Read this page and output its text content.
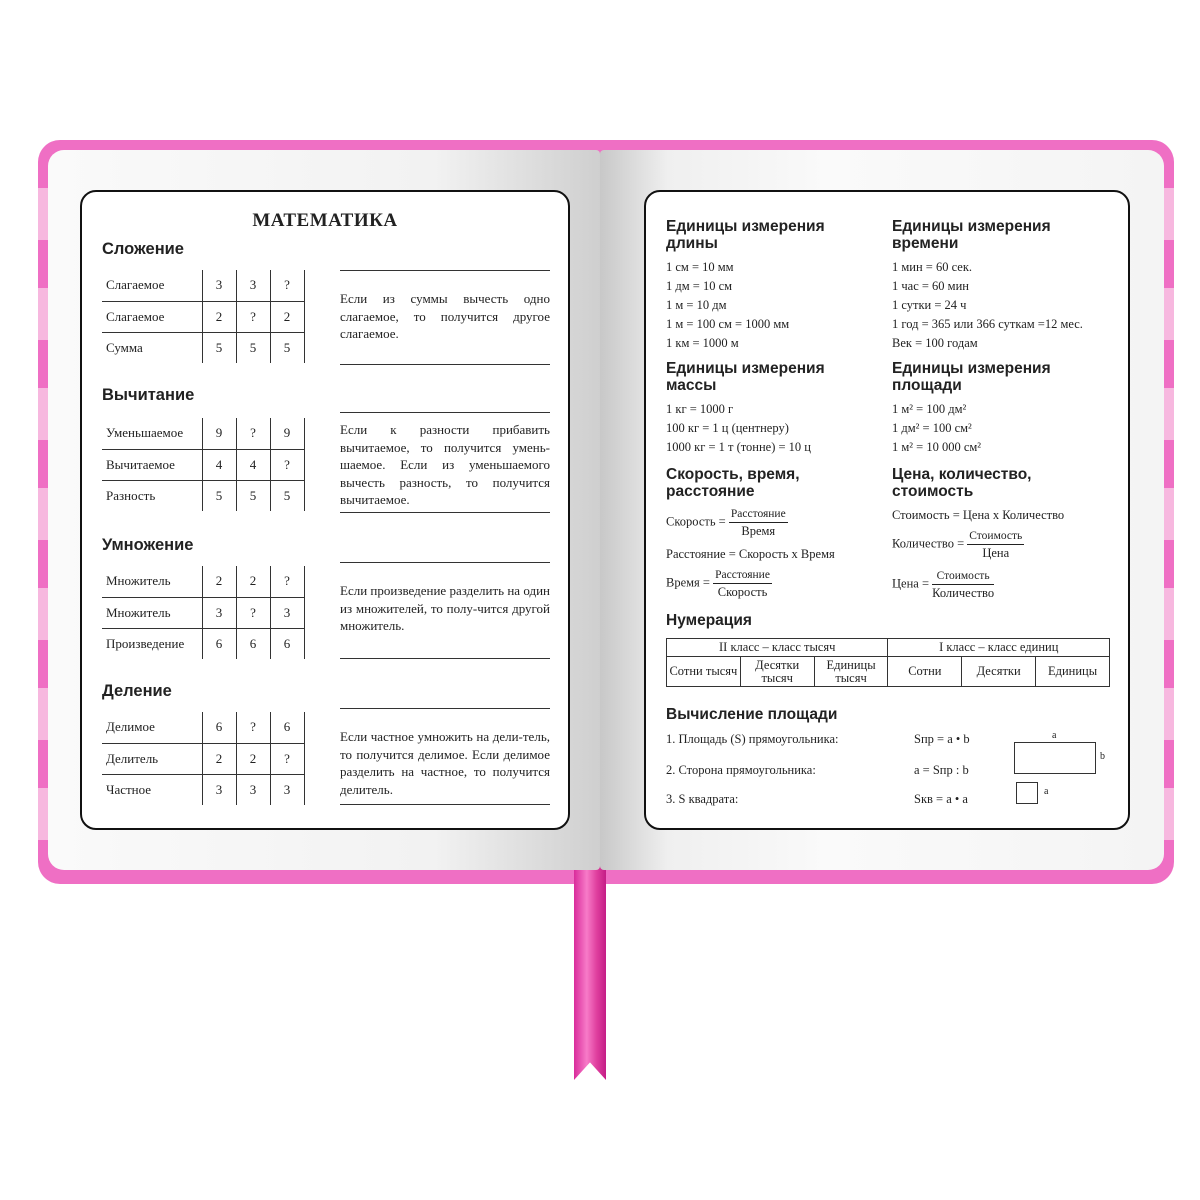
МАТЕМАТИКА
Сложение
Слагаемое	3	3	?	
Слагаемое	2	?	2	
Сумма	5	5	5	
Если из суммы вычесть одно слагаемое, то получится другое слагаемое.
Вычитание
Уменьшаемое	9	?	9	
Вычитаемое	4	4	?	
Разность	5	5	5	
Если к разности прибавить вычитаемое, то получится умень-шаемое. Если из уменьшаемого вычесть разность, то получится вычитаемое.
Умножение
Множитель	2	2	?	
Множитель	3	?	3	
Произведение	6	6	6	
Если произведение разделить на один из множителей, то полу-чится другой множитель.
Деление
Делимое	6	?	6	
Делитель	2	2	?	
Частное	3	3	3	
Если частное умножить на дели-тель, то получится делимое. Если делимое разделить на частное, то получится делитель.
Единицы измерения длины
1 см = 10 мм
1 дм = 10 см
1 м = 10 дм
1 м = 100 см = 1000 мм
1 км = 1000 м
Единицы измерения времени
1 мин = 60 сек.
1 час = 60 мин
1 сутки = 24 ч
1 год = 365 или 366 суткам =12 мес.
Век = 100 годам
Единицы измерения массы
1 кг = 1000 г
100 кг = 1 ц (центнеру)
1000 кг = 1 т (тонне) = 10 ц
Единицы измерения площади
1 м² = 100 дм²
1 дм² = 100 см²
1 м² = 10 000 см²
Скорость, время, расстояние
Скорость = $\frac{\text{Расстояние}}{\text{Время}}$
Расстояние = Скорость х Время
Время = $\frac{\text{Расстояние}}{\text{Скорость}}$
Цена, количество, стоимость
Стоимость = Цена х Количество
Количество = $\frac{\text{Стоимость}}{\text{Цена}}$
Цена = $\frac{\text{Стоимость}}{\text{Количество}}$
Нумерация
II класс – класс тысяч			I класс – класс единиц		
Сотни тысяч	Десятки тысяч	Единицы тысяч	Сотни	Десятки	Единицы
Вычисление площади
1. Площадь (S) прямоугольника:	Sпр = a • b
2. Сторона прямоугольника:	a = Sпр : b
3. S квадрата:	Sкв = a • a
a
b
a
